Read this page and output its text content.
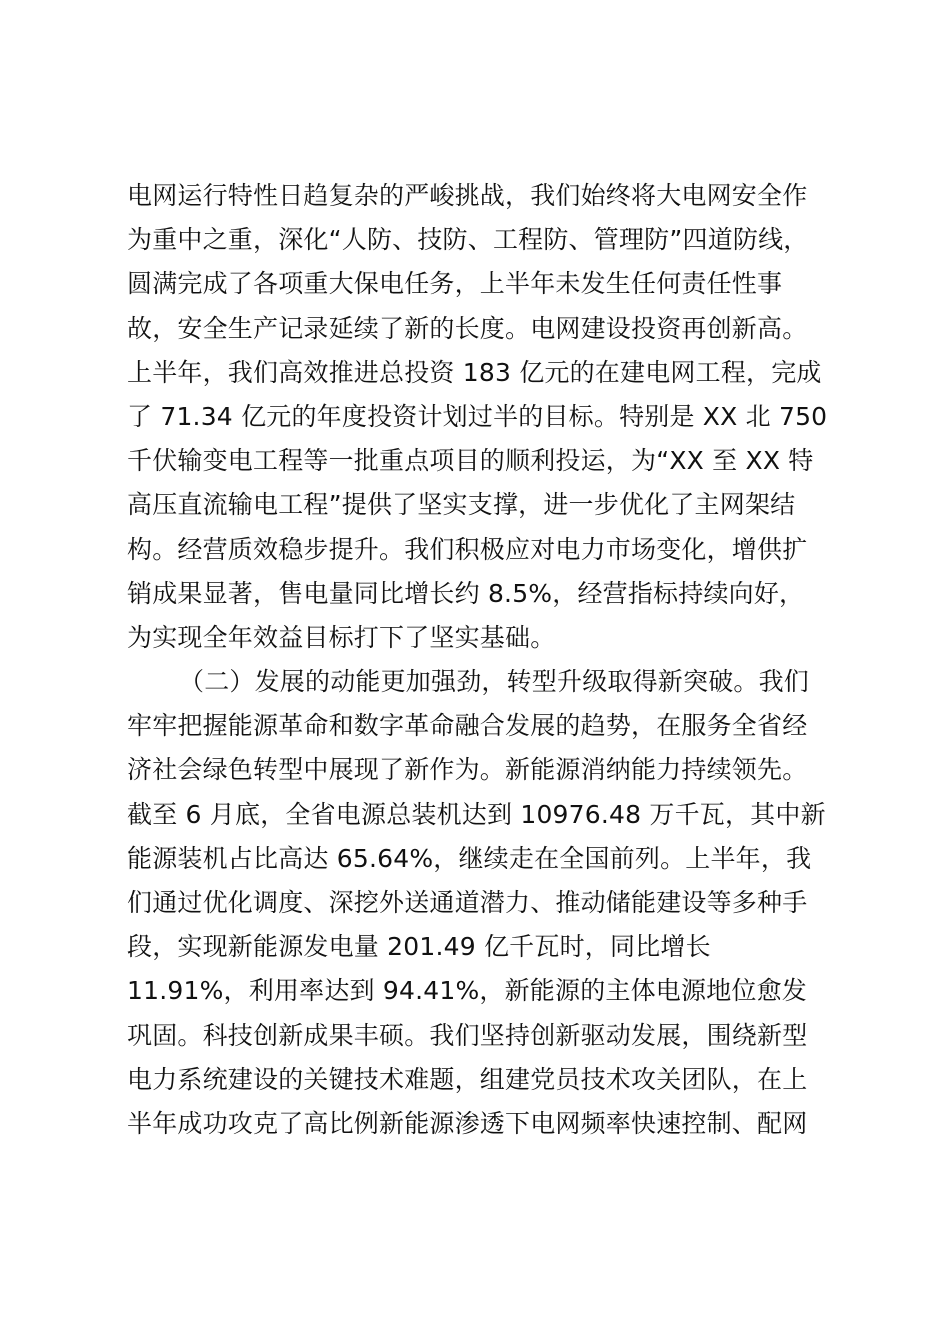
电网运行特性日趋复杂的严峻挑战，我们始终将大电网安全作
为重中之重，深化“人防、技防、工程防、管理防”四道防线，
圆满完成了各项重大保电任务，上半年未发生任何责任性事
故，安全生产记录延续了新的长度。电网建设投资再创新高。
上半年，我们高效推进总投资 183 亿元的在建电网工程，完成
了 71.34 亿元的年度投资计划过半的目标。特别是 XX 北 750
千伏输变电工程等一批重点项目的顺利投运，为“XX 至 XX 特
高压直流输电工程”提供了坚实支撑，进一步优化了主网架结
构。经营质效稳步提升。我们积极应对电力市场变化，增供扩
销成果显著，售电量同比增长约 8.5%，经营指标持续向好，
为实现全年效益目标打下了坚实基础。
（二）发展的动能更加强劲，转型升级取得新突破。我们
牢牢把握能源革命和数字革命融合发展的趋势，在服务全省经
济社会绿色转型中展现了新作为。新能源消纳能力持续领先。
截至 6 月底，全省电源总装机达到 10976.48 万千瓦，其中新
能源装机占比高达 65.64%，继续走在全国前列。上半年，我
们通过优化调度、深挖外送通道潜力、推动储能建设等多种手
段，实现新能源发电量 201.49 亿千瓦时，同比增长
11.91%，利用率达到 94.41%，新能源的主体电源地位愈发
巩固。科技创新成果丰硕。我们坚持创新驱动发展，围绕新型
电力系统建设的关键技术难题，组建党员技术攻关团队，在上
半年成功攻克了高比例新能源渗透下电网频率快速控制、配网
